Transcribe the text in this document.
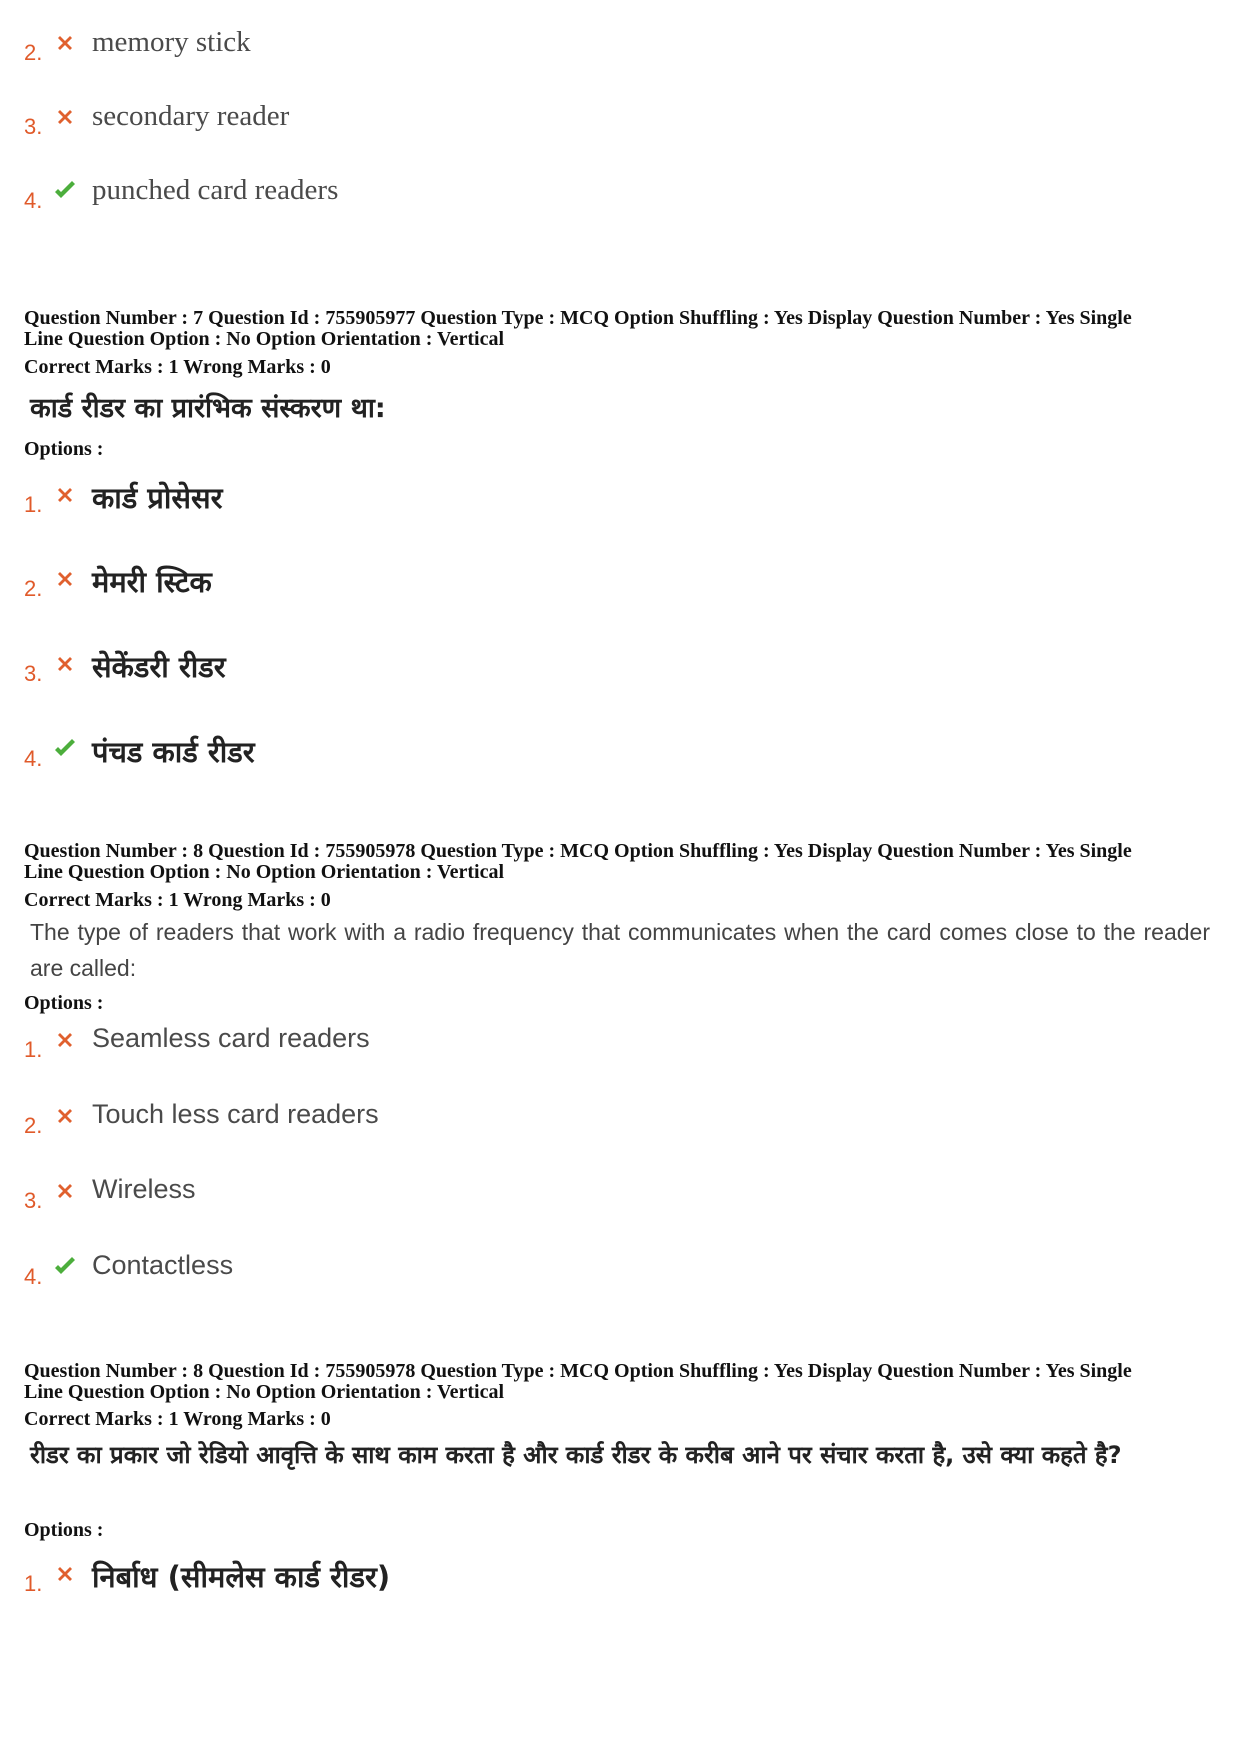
2. memory stick
3. secondary reader
4. punched card readers
Question Number : 7 Question Id : 755905977 Question Type : MCQ Option Shuffling : Yes Display Question Number : Yes Single
Line Question Option : No Option Orientation : Vertical
Correct Marks : 1 Wrong Marks : 0
कार्ड रीडर का प्रारंभिक संस्करण था:
Options :
1. कार्ड प्रोसेसर
2. मेमरी स्टिक
3. सेकेंडरी रीडर
4. पंचड कार्ड रीडर
Question Number : 8 Question Id : 755905978 Question Type : MCQ Option Shuffling : Yes Display Question Number : Yes Single
Line Question Option : No Option Orientation : Vertical
Correct Marks : 1 Wrong Marks : 0
The type of readers that work with a radio frequency that communicates when the card comes close to the reader are called:
Options :
1. Seamless card readers
2. Touch less card readers
3. Wireless
4. Contactless
Question Number : 8 Question Id : 755905978 Question Type : MCQ Option Shuffling : Yes Display Question Number : Yes Single
Line Question Option : No Option Orientation : Vertical
Correct Marks : 1 Wrong Marks : 0
रीडर का प्रकार जो रेडियो आवृत्ति के साथ काम करता है और कार्ड रीडर के करीब आने पर संचार करता है, उसे क्या कहते है?
Options :
1. निर्बाध (सीमलेस कार्ड रीडर)
